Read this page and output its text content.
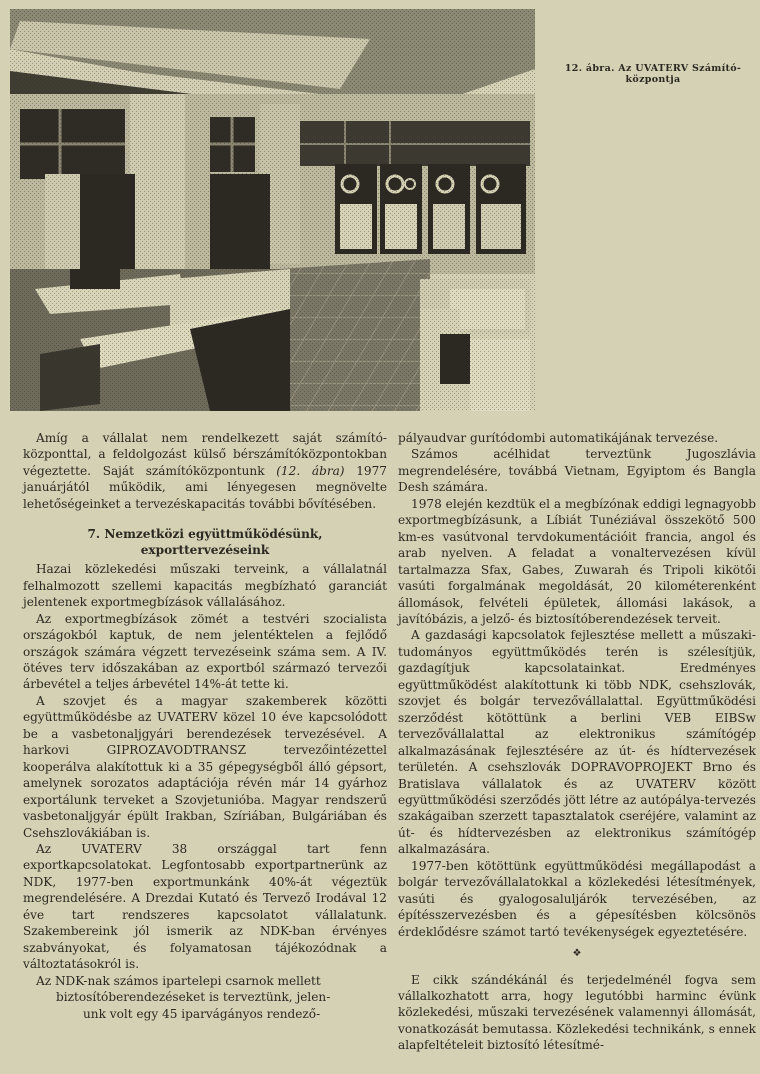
12. ábra. Az UVATERV Számító-
központja

Amíg a vállalat nem rendelkezett saját számító-központtal, a feldolgozást külső bérszámítóközpontokban végeztette. Saját számítóközpontunk (12. ábra) 1977 januárjától működik, ami lényegesen megnövelte lehetőségeinket a tervezéskapacitás további bővítésében.

7. Nemzetközi együttműködésünk,
exporttervezéseink

Hazai közlekedési műszaki terveink, a vállalatnál felhalmozott szellemi kapacitás megbízható garanciát jelentenek exportmegbízások vállalásához.

Az exportmegbízások zömét a testvéri szocialista országokból kaptuk, de nem jelentéktelen a fejlődő országok számára végzett tervezéseink száma sem. A IV. ötéves terv időszakában az exportból származó tervezői árbevétel a teljes árbevétel 14%-át tette ki.

A szovjet és a magyar szakemberek közötti együttműködésbe az UVATERV közel 10 éve kapcsolódott be a vasbetonaljgyári berendezések tervezésével. A harkovi GIPROZAVODTRANSZ tervezőintézettel kooperálva alakítottuk ki a 35 gépegységből álló gépsort, amelynek sorozatos adaptációja révén már 14 gyárhoz exportálunk terveket a Szovjetunióba. Magyar rendszerű vasbetonaljgyár épült Irakban, Szíriában, Bulgáriában és Csehszlovákiában is.

Az UVATERV 38 országgal tart fenn exportkapcsolatokat. Legfontosabb exportpartnerünk az NDK, 1977-ben exportmunkánk 40%-át végeztük megrendelésére. A Drezdai Kutató és Tervező Irodával 12 éve tart rendszeres kapcsolatot vállalatunk. Szakembereink jól ismerik az NDK-ban érvényes szabványokat, és folyamatosan tájékozódnak a változtatásokról is.

Az NDK-nak számos ipartelepi csarnok mellett

biztosítóberendezéseket is terveztünk, jelen-

unk volt egy 45 iparvágányos rendező-

pályaudvar gurítódombi automatikájának tervezése.

Számos acélhidat terveztünk Jugoszlávia megrendelésére, továbbá Vietnam, Egyiptom és Bangla Desh számára.

1978 elején kezdtük el a megbízónak eddigi legnagyobb exportmegbízásunk, a Líbiát Tunéziával összekötő 500 km-es vasútvonal tervdokumentációit francia, angol és arab nyelven. A feladat a vonaltervezésen kívül tartalmazza Sfax, Gabes, Zuwarah és Tripoli kikötői vasúti forgalmának megoldását, 20 kilométerenként állomások, felvételi épületek, állomási lakások, a javítóbázis, a jelző- és biztosítóberendezések terveit.

A gazdasági kapcsolatok fejlesztése mellett a műszaki-tudományos együttműködés terén is szélesítjük, gazdagítjuk kapcsolatainkat. Eredményes együttműködést alakítottunk ki több NDK, csehszlovák, szovjet és bolgár tervezővállalattal. Együttműködési szerződést kötöttünk a berlini VEB EIBSw tervezővállalattal az elektronikus számítógép alkalmazásának fejlesztésére az út- és hídtervezések területén. A csehszlovák DOPRAVOPROJEKT Brno és Bratislava vállalatok és az UVATERV között együttműködési szerződés jött létre az autópálya-tervezés szakágaiban szerzett tapasztalatok cseréjére, valamint az út- és hídtervezésben az elektronikus számítógép alkalmazására.

1977-ben kötöttünk együttműködési megállapodást a bolgár tervezővállalatokkal a közlekedési létesítmények, vasúti és gyalogosaluljárók tervezésében, az építésszervezésben és a gépesítésben kölcsönös érdeklődésre számot tartó tevékenységek egyeztetésére.

❖

E cikk szándékánál és terjedelménél fogva sem vállalkozhatott arra, hogy legutóbbi harminc évünk közlekedési, műszaki tervezésének valamennyi állomását, vonatkozását bemutassa. Közlekedési technikánk, s ennek alapfeltételeit biztosító létesítmé-
